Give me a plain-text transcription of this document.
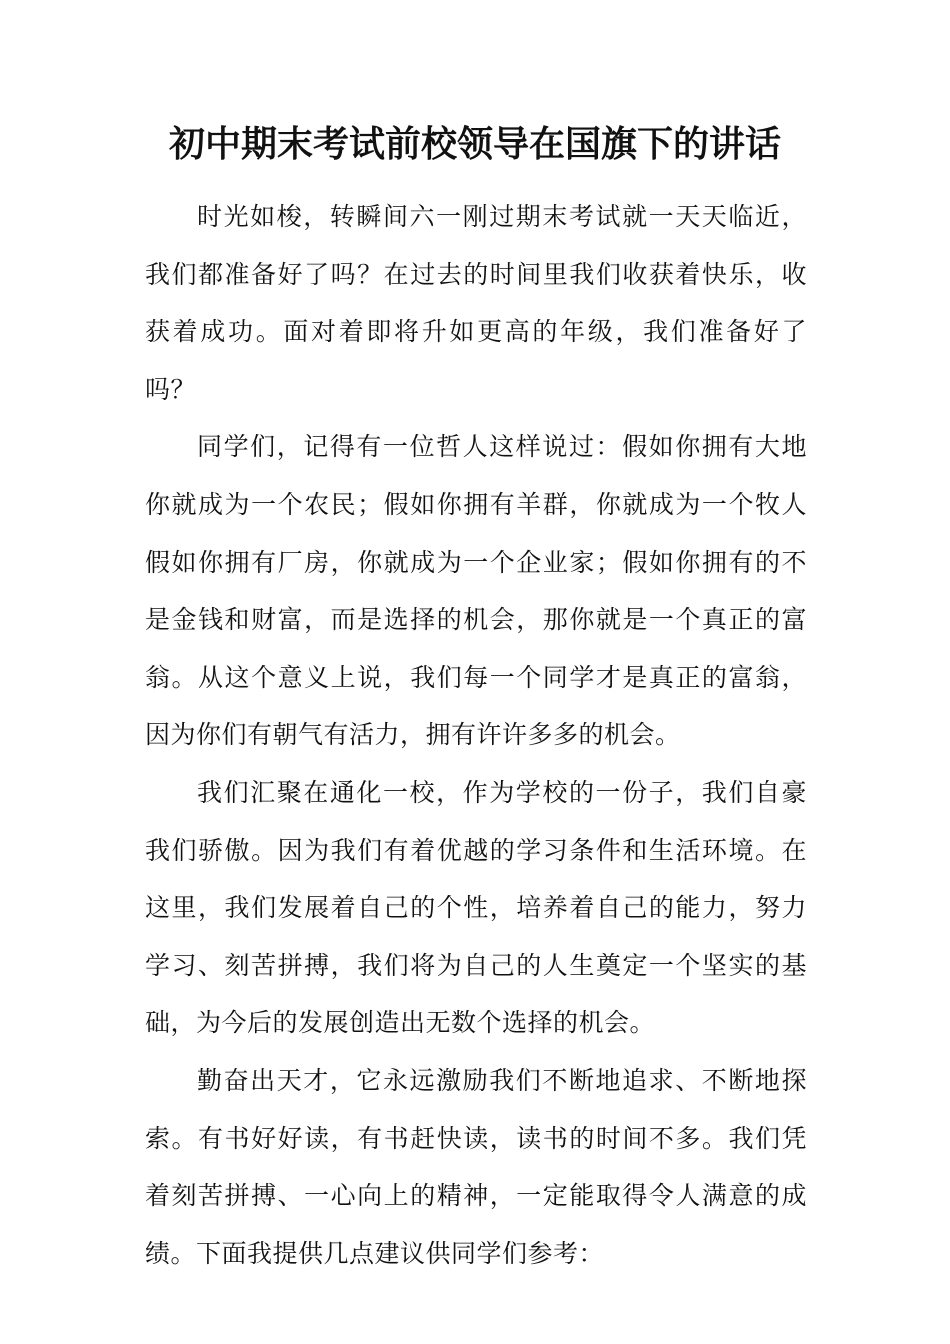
初中期末考试前校领导在国旗下的讲话

时光如梭，转瞬间六一刚过期末考试就一天天临近，我们都准备好了吗？在过去的时间里我们收获着快乐，收获着成功。面对着即将升如更高的年级，我们准备好了吗？

同学们，记得有一位哲人这样说过：假如你拥有大地你就成为一个农民；假如你拥有羊群，你就成为一个牧人假如你拥有厂房，你就成为一个企业家；假如你拥有的不是金钱和财富，而是选择的机会，那你就是一个真正的富翁。从这个意义上说，我们每一个同学才是真正的富翁，因为你们有朝气有活力，拥有许许多多的机会。

我们汇聚在通化一校，作为学校的一份子，我们自豪我们骄傲。因为我们有着优越的学习条件和生活环境。在这里，我们发展着自己的个性，培养着自己的能力，努力学习、刻苦拼搏，我们将为自己的人生奠定一个坚实的基础，为今后的发展创造出无数个选择的机会。

勤奋出天才，它永远激励我们不断地追求、不断地探索。有书好好读，有书赶快读，读书的时间不多。我们凭着刻苦拼搏、一心向上的精神，一定能取得令人满意的成绩。下面我提供几点建议供同学们参考：
